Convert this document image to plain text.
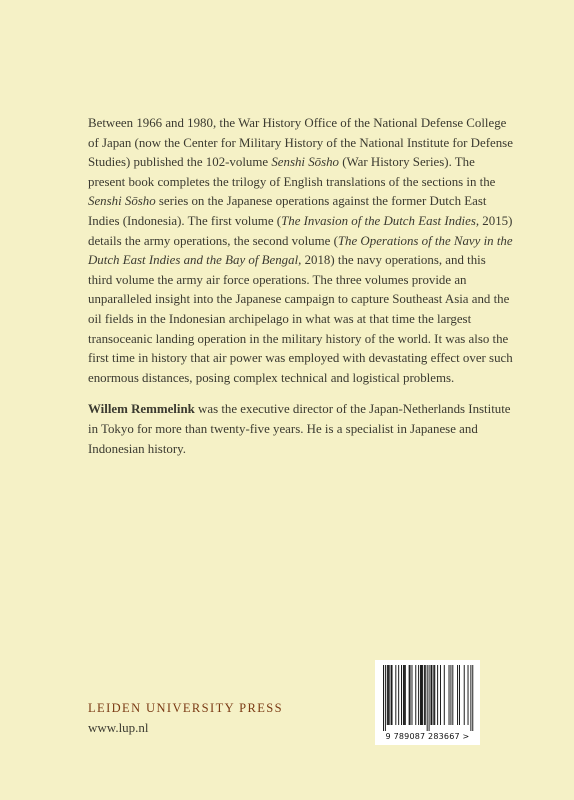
Between 1966 and 1980, the War History Office of the National Defense College of Japan (now the Center for Military History of the National Institute for Defense Studies) published the 102-volume Senshi Sōsho (War History Series). The present book completes the trilogy of English translations of the sections in the Senshi Sōsho series on the Japanese operations against the former Dutch East Indies (Indonesia). The first volume (The Invasion of the Dutch East Indies, 2015) details the army operations, the second volume (The Operations of the Navy in the Dutch East Indies and the Bay of Bengal, 2018) the navy operations, and this third volume the army air force operations. The three volumes provide an unparalleled insight into the Japanese campaign to capture Southeast Asia and the oil fields in the Indonesian archipelago in what was at that time the largest transoceanic landing operation in the military history of the world. It was also the first time in history that air power was employed with devastating effect over such enormous distances, posing complex technical and logistical problems.

Willem Remmelink was the executive director of the Japan-Netherlands Institute in Tokyo for more than twenty-five years. He is a specialist in Japanese and Indonesian history.

LEIDEN UNIVERSITY PRESS
www.lup.nl
9 789087 283667 >
